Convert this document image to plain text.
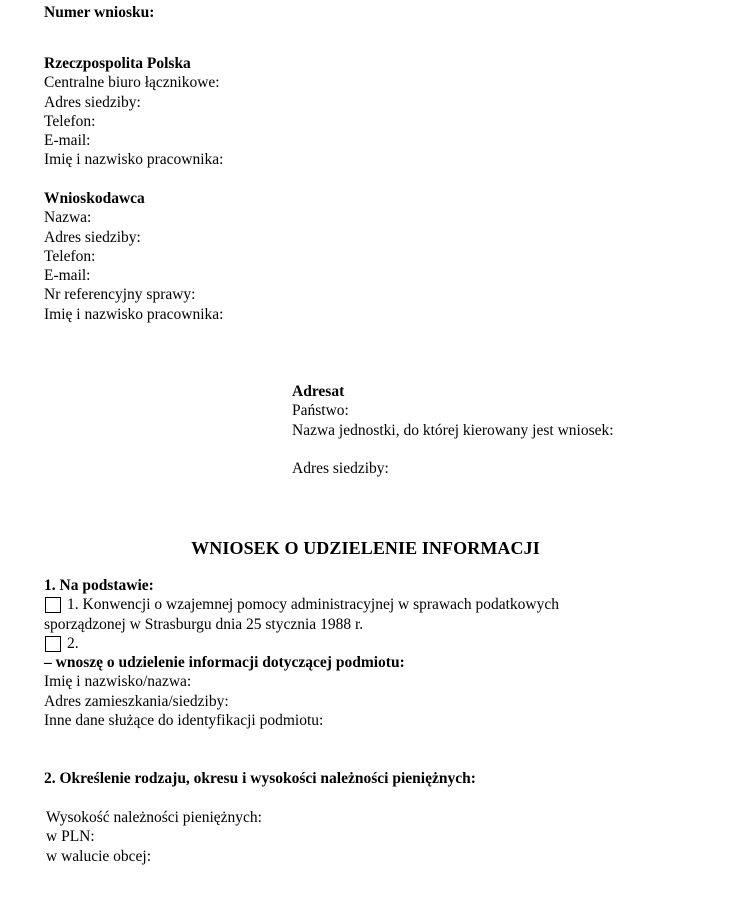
Numer wniosku:
Rzeczpospolita Polska
Centralne biuro łącznikowe:
Adres siedziby:
Telefon:
E-mail:
Imię i nazwisko pracownika:
Wnioskodawca
Nazwa:
Adres siedziby:
Telefon:
E-mail:
Nr referencyjny sprawy:
Imię i nazwisko pracownika:
Adresat
Państwo:
Nazwa jednostki, do której kierowany jest wniosek:
Adres siedziby:
WNIOSEK O UDZIELENIE INFORMACJI
1. Na podstawie:
1. Konwencji o wzajemnej pomocy administracyjnej w sprawach podatkowych
sporządzonej w Strasburgu dnia 25 stycznia 1988 r.
2.
– wnoszę o udzielenie informacji dotyczącej podmiotu:
Imię i nazwisko/nazwa:
Adres zamieszkania/siedziby:
Inne dane służące do identyfikacji podmiotu:
2. Określenie rodzaju, okresu i wysokości należności pieniężnych:
Wysokość należności pieniężnych:
w PLN:
w walucie obcej:
